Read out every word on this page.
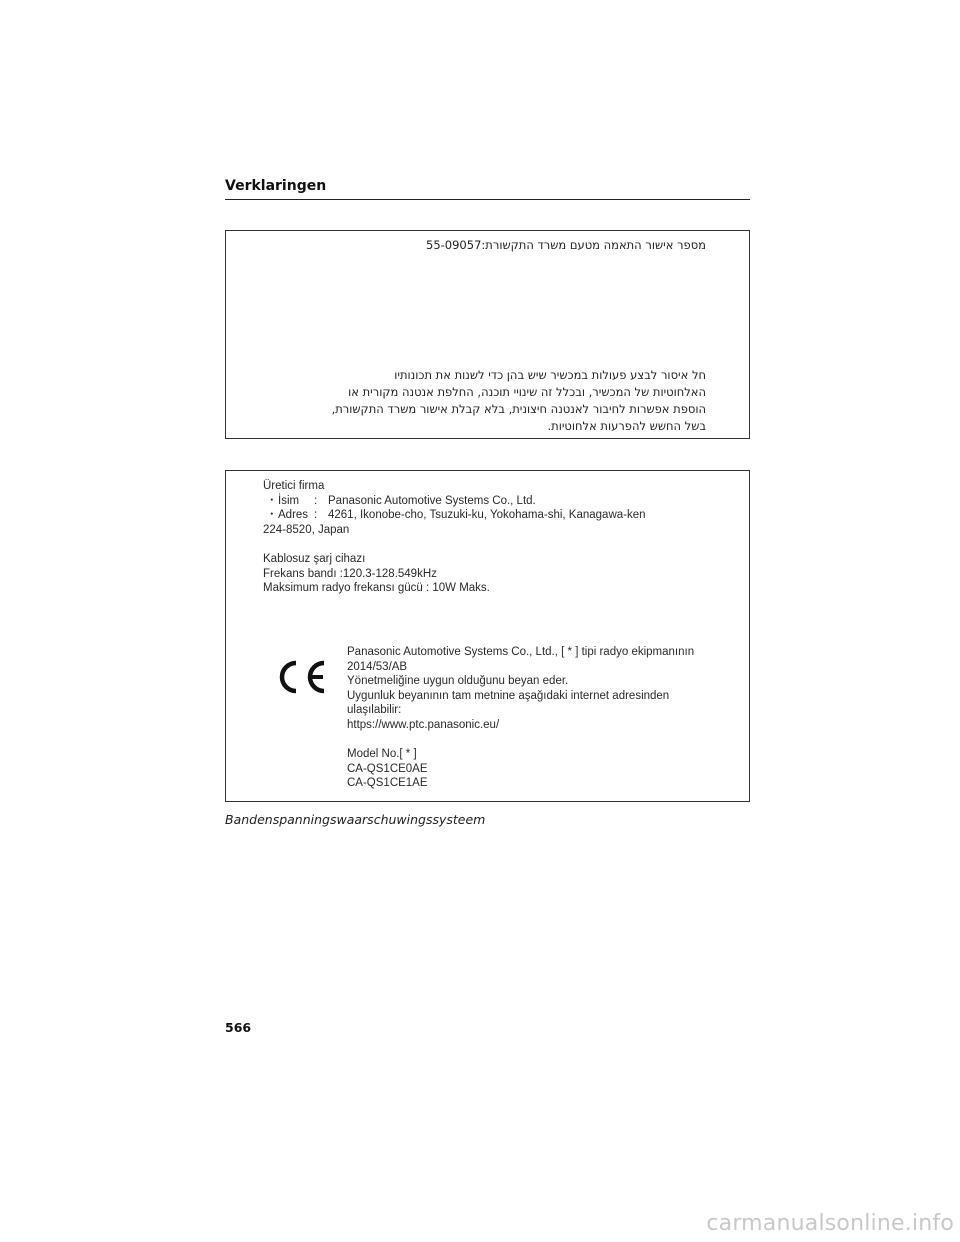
Verklaringen
מספר אישור התאמה מטעם משרד התקשורת:55-09057
חל איסור לבצע פעולות במכשיר שיש בהן כדי לשנות את תכונותיו
האלחוטיות של המכשיר, ובכלל זה שינויי תוכנה, החלפת אנטנה מקורית או
הוספת אפשרות לחיבור לאנטנה חיצונית, בלא קבלת אישור משרד התקשורת,
בשל החשש להפרעות אלחוטיות.
Üretici firma
・İsim : Panasonic Automotive Systems Co., Ltd.
・Adres : 4261, Ikonobe-cho, Tsuzuki-ku, Yokohama-shi, Kanagawa-ken
224-8520, Japan
Kablosuz şarj cihazı
Frekans bandı :120.3-128.549kHz
Maksimum radyo frekansı gücü : 10W Maks.
Panasonic Automotive Systems Co., Ltd., [ * ] tipi radyo ekipmanının
2014/53/AB
Yönetmeliğine uygun olduğunu beyan eder.
Uygunluk beyanının tam metnine aşağıdaki internet adresinden
ulaşılabilir:
https://www.ptc.panasonic.eu/
Model No.[ * ]
CA-QS1CE0AE
CA-QS1CE1AE
Bandenspanningswaarschuwingssysteem
566
carmanualsonline.info
